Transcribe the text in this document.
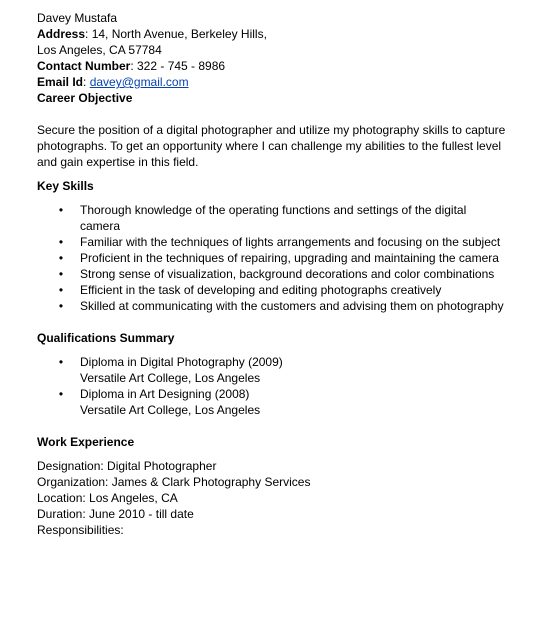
Davey Mustafa
Address: 14, North Avenue, Berkeley Hills,
Los Angeles, CA 57784
Contact Number: 322 - 745 - 8986
Email Id: davey@gmail.com
Career Objective
Secure the position of a digital photographer and utilize my photography skills to capture photographs. To get an opportunity where I can challenge my abilities to the fullest level and gain expertise in this field.
Key Skills
• Thorough knowledge of the operating functions and settings of the digital camera
• Familiar with the techniques of lights arrangements and focusing on the subject
• Proficient in the techniques of repairing, upgrading and maintaining the camera
• Strong sense of visualization, background decorations and color combinations
• Efficient in the task of developing and editing photographs creatively
• Skilled at communicating with the customers and advising them on photography
Qualifications Summary
• Diploma in Digital Photography (2009)
Versatile Art College, Los Angeles
• Diploma in Art Designing (2008)
Versatile Art College, Los Angeles
Work Experience
Designation: Digital Photographer
Organization: James & Clark Photography Services
Location: Los Angeles, CA
Duration: June 2010 - till date
Responsibilities:
